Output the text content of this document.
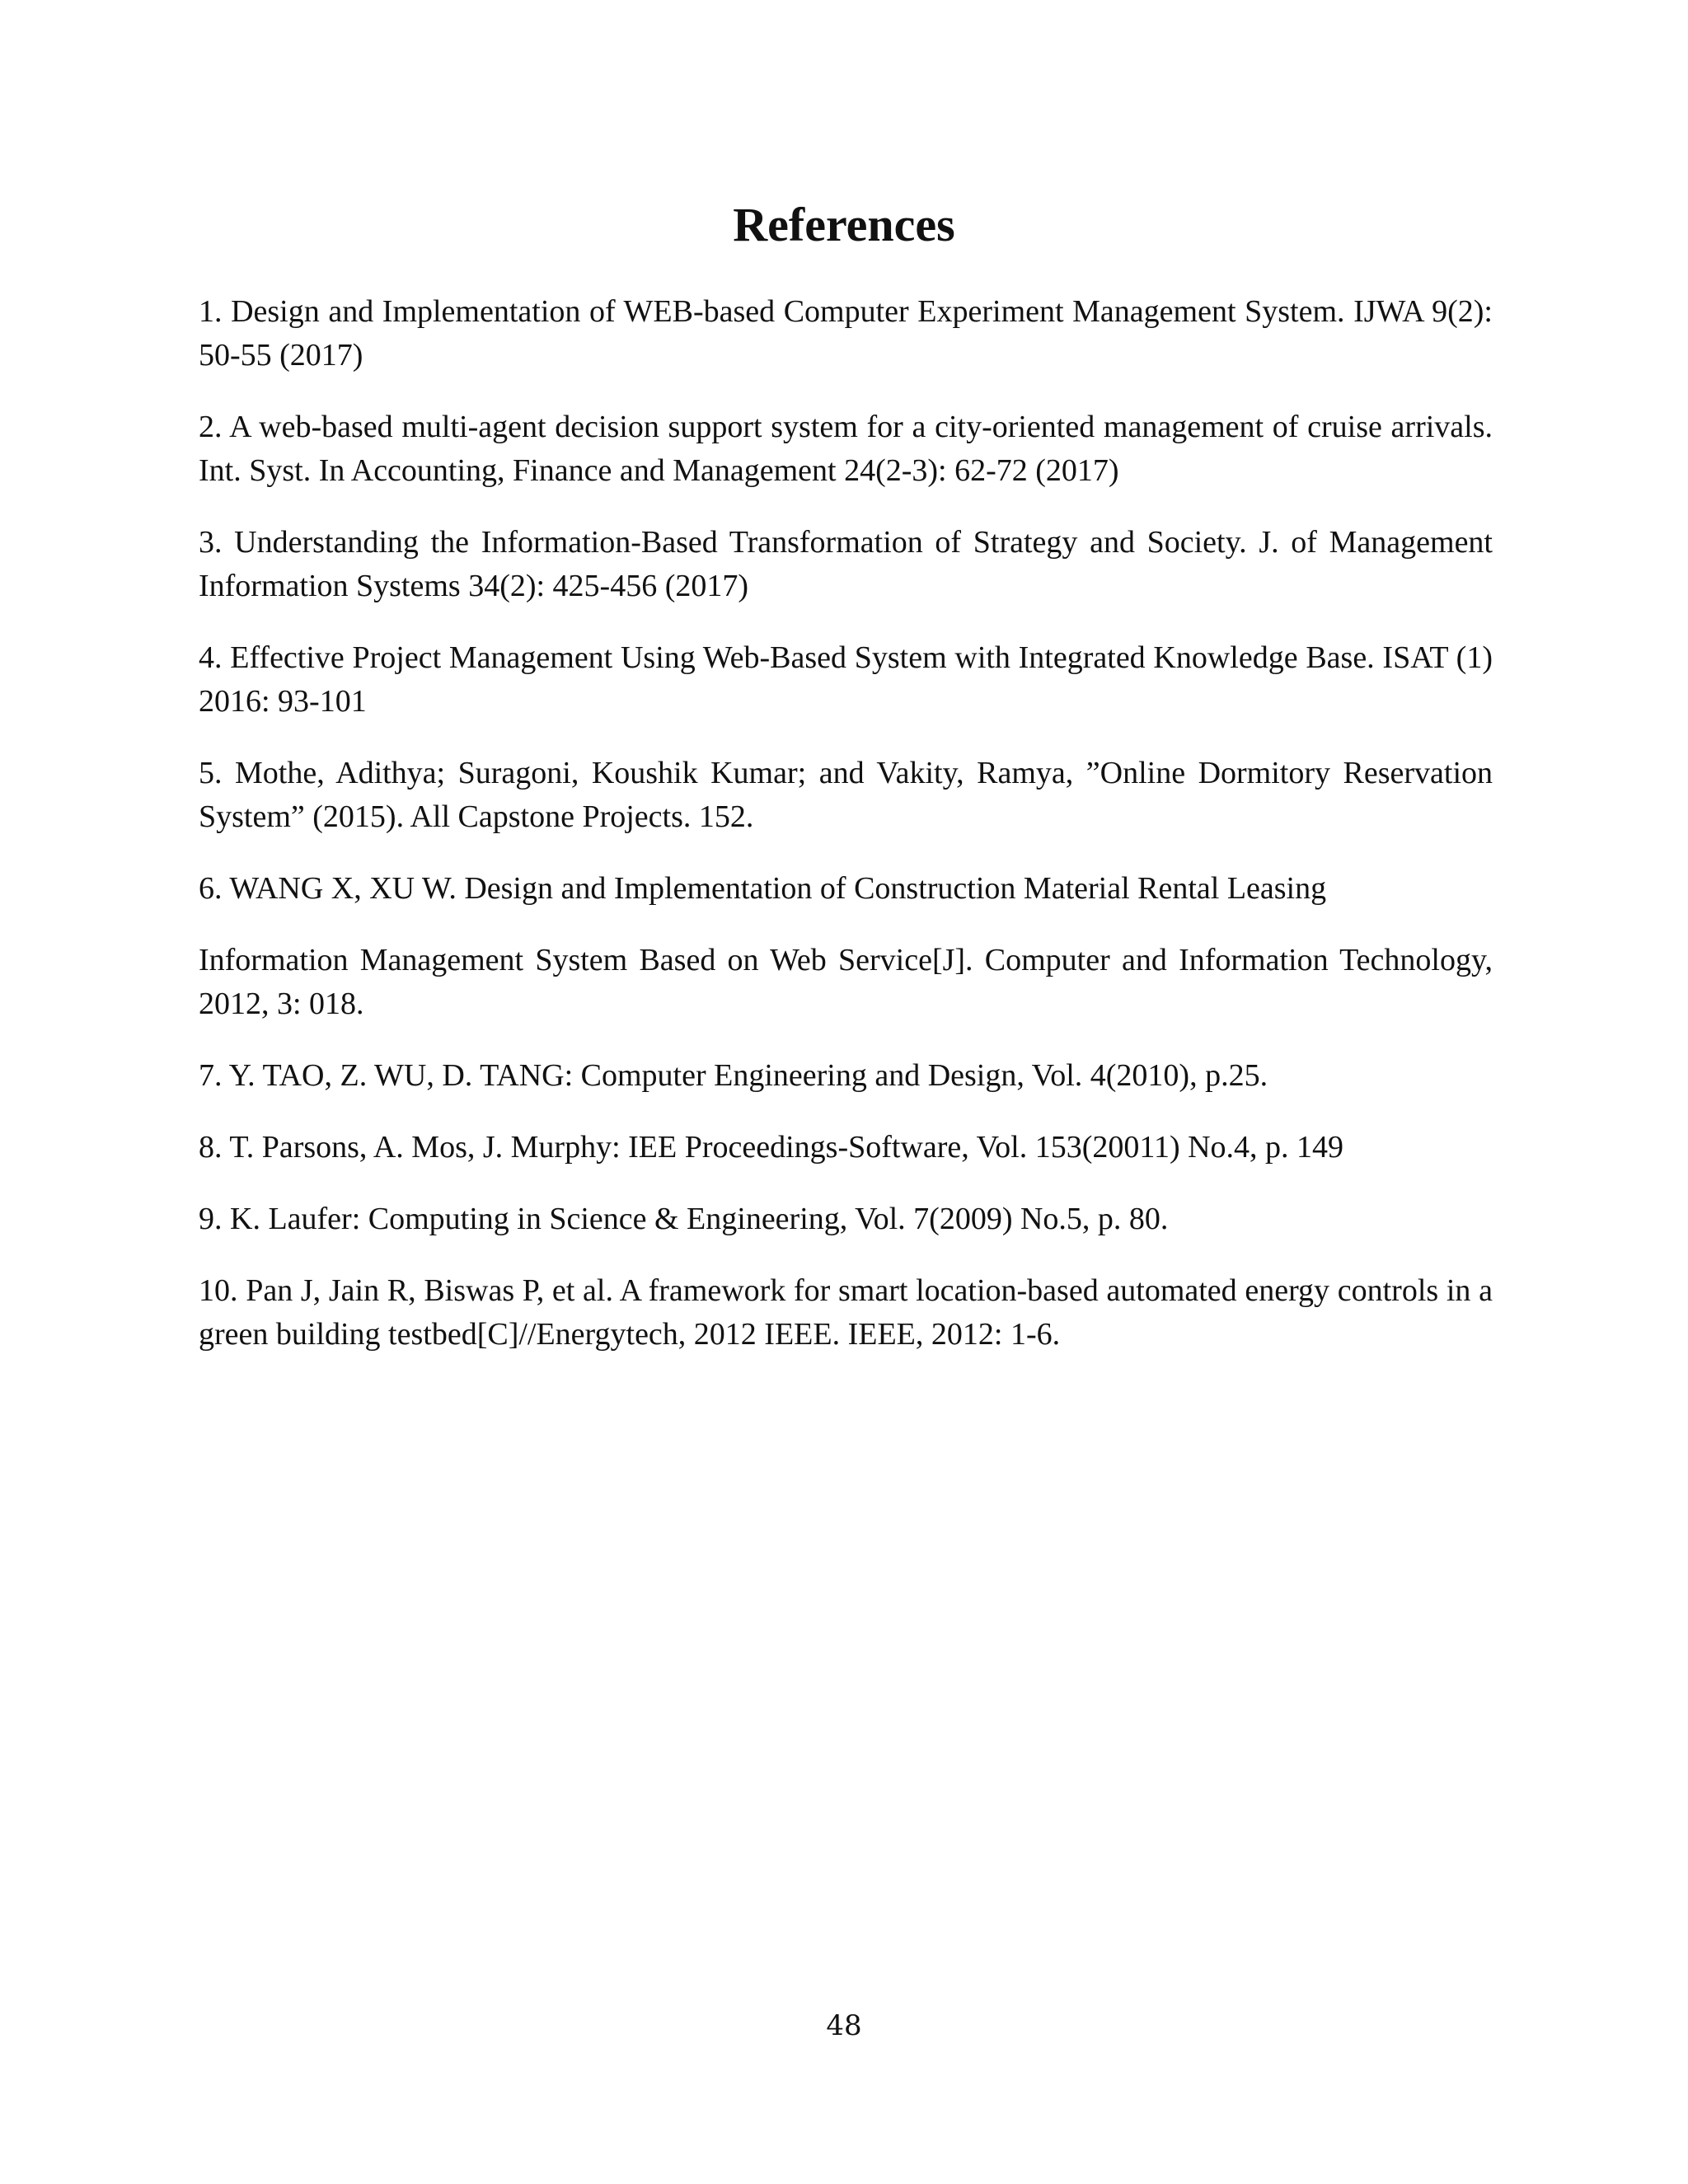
References

1. Design and Implementation of WEB-based Computer Experiment Management System. IJWA 9(2): 50-55 (2017)

2. A web-based multi-agent decision support system for a city-oriented management of cruise arrivals. Int. Syst. In Accounting, Finance and Management 24(2-3): 62-72 (2017)

3. Understanding the Information-Based Transformation of Strategy and Society. J. of Management Information Systems 34(2): 425-456 (2017)

4. Effective Project Management Using Web-Based System with Integrated Knowledge Base. ISAT (1) 2016: 93-101

5. Mothe, Adithya; Suragoni, Koushik Kumar; and Vakity, Ramya, ”Online Dormitory Reservation System” (2015). All Capstone Projects. 152.

6. WANG X, XU W. Design and Implementation of Construction Material Rental Leasing

Information Management System Based on Web Service[J]. Computer and Information Technology, 2012, 3: 018.

7. Y. TAO, Z. WU, D. TANG: Computer Engineering and Design, Vol. 4(2010), p.25.

8. T. Parsons, A. Mos, J. Murphy: IEE Proceedings-Software, Vol. 153(20011) No.4, p. 149

9. K. Laufer: Computing in Science & Engineering, Vol. 7(2009) No.5, p. 80.

10. Pan J, Jain R, Biswas P, et al. A framework for smart location-based automated energy controls in a green building testbed[C]//Energytech, 2012 IEEE. IEEE, 2012: 1-6.

48
